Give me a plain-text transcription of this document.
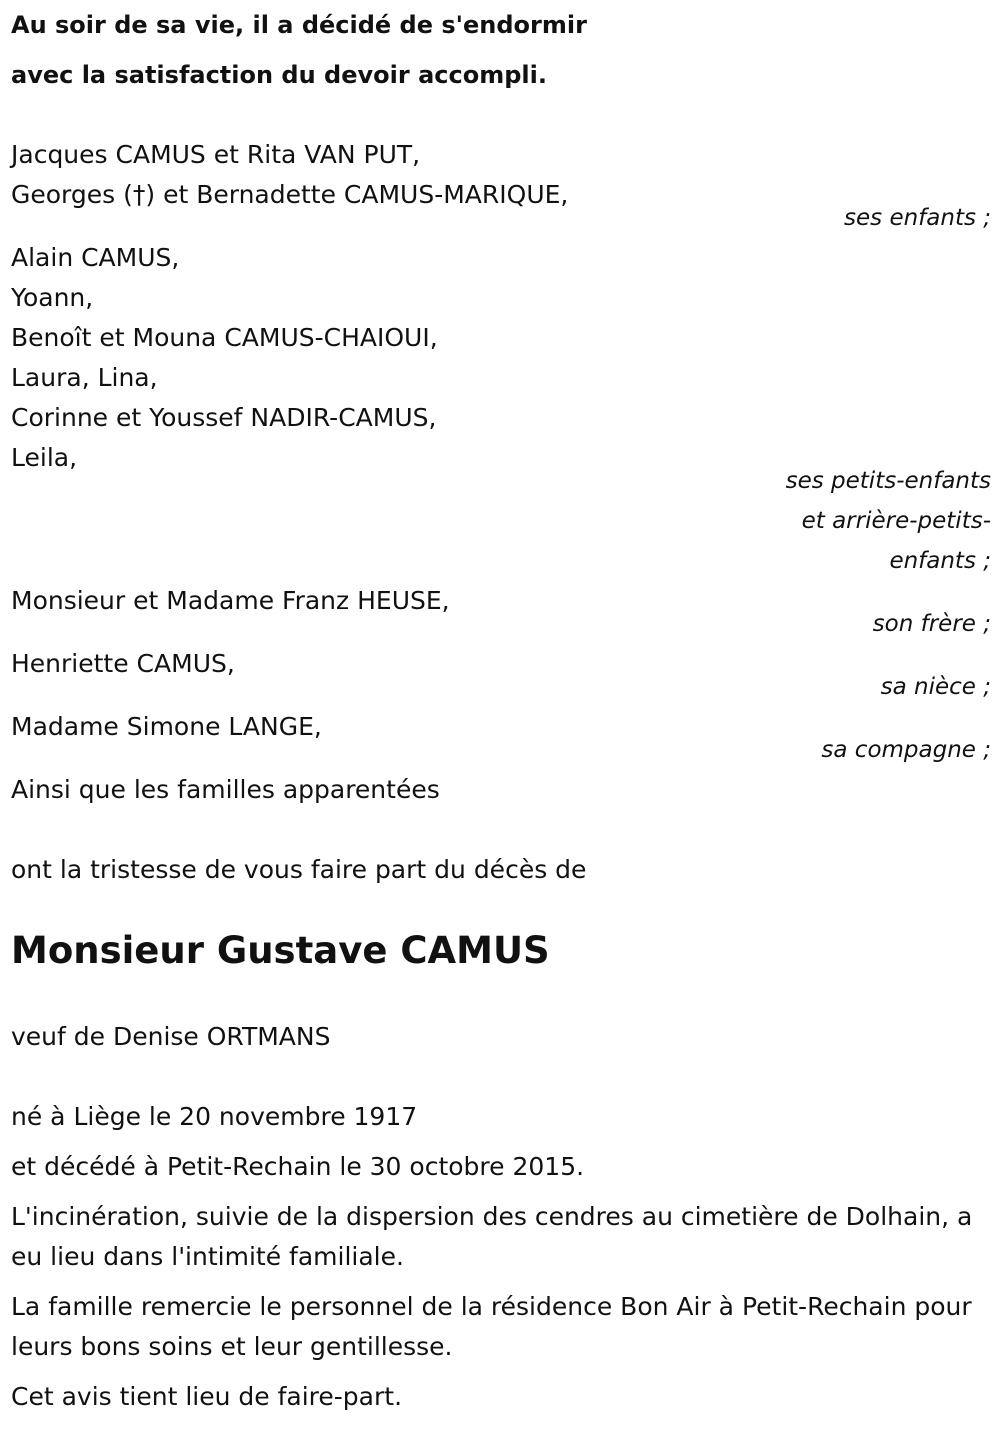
Au soir de sa vie, il a décidé de s'endormir
avec la satisfaction du devoir accompli.
Jacques CAMUS et Rita VAN PUT,
Georges (†) et Bernadette CAMUS-MARIQUE,
ses enfants ;
Alain CAMUS,
Yoann,
Benoît et Mouna CAMUS-CHAIOUI,
Laura, Lina,
Corinne et Youssef NADIR-CAMUS,
Leila,
ses petits-enfants
et arrière-petits-
enfants ;
Monsieur et Madame Franz HEUSE,
son frère ;
Henriette CAMUS,
sa nièce ;
Madame Simone LANGE,
sa compagne ;
Ainsi que les familles apparentées
ont la tristesse de vous faire part du décès de
Monsieur Gustave CAMUS
veuf de Denise ORTMANS
né à Liège le 20 novembre 1917
et décédé à Petit-Rechain le 30 octobre 2015.
L'incinération, suivie de la dispersion des cendres au cimetière de Dolhain, a eu lieu dans l'intimité familiale.
La famille remercie le personnel de la résidence Bon Air à Petit-Rechain pour leurs bons soins et leur gentillesse.
Cet avis tient lieu de faire-part.
